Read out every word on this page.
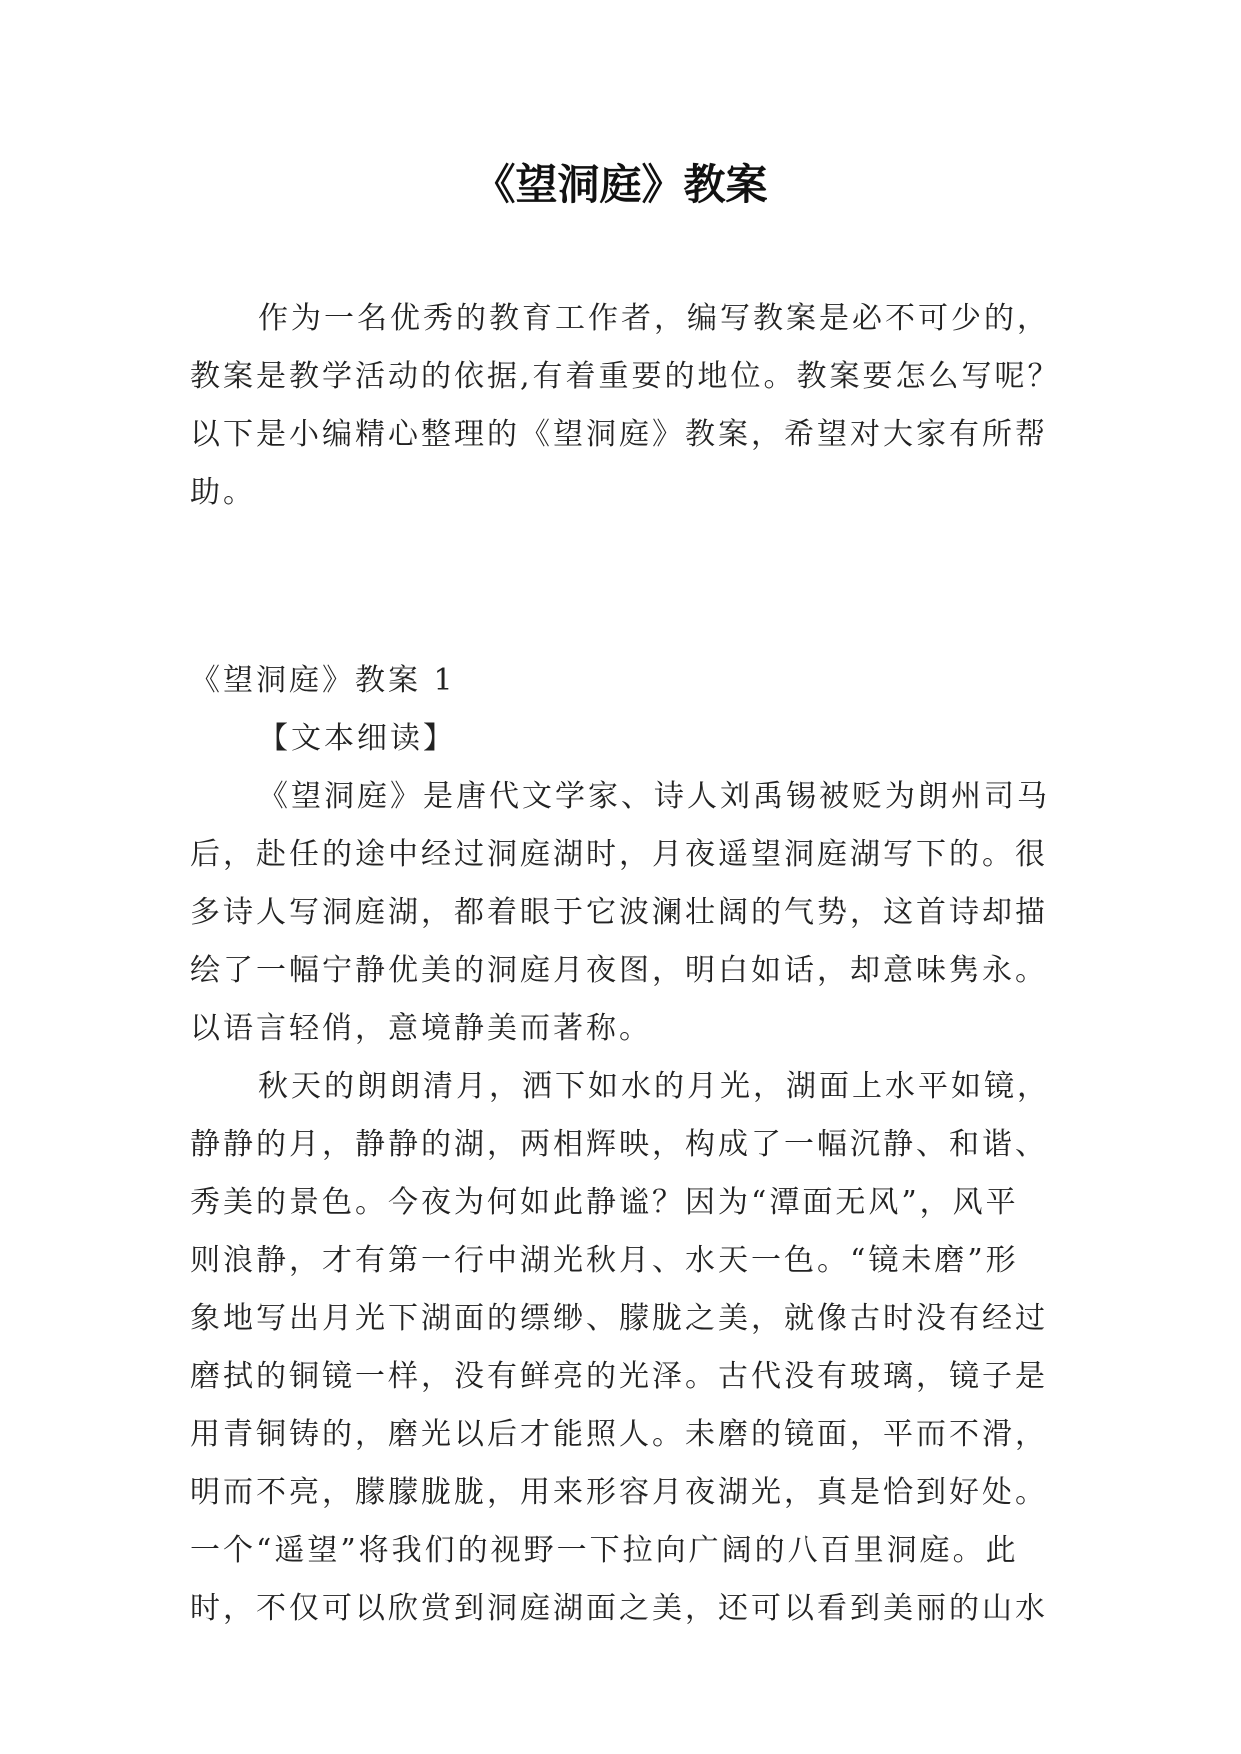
《望洞庭》教案
作为一名优秀的教育工作者，编写教案是必不可少的，
教案是教学活动的依据,有着重要的地位。教案要怎么写呢？
以下是小编精心整理的《望洞庭》教案，希望对大家有所帮
助。
《望洞庭》教案 1
【文本细读】
《望洞庭》是唐代文学家、诗人刘禹锡被贬为朗州司马
后，赴任的途中经过洞庭湖时，月夜遥望洞庭湖写下的。很
多诗人写洞庭湖，都着眼于它波澜壮阔的气势，这首诗却描
绘了一幅宁静优美的洞庭月夜图，明白如话，却意味隽永。
以语言轻俏，意境静美而著称。
秋天的朗朗清月，洒下如水的月光，湖面上水平如镜，
静静的月，静静的湖，两相辉映，构成了一幅沉静、和谐、
秀美的景色。今夜为何如此静谧？因为“潭面无风”，风平
则浪静，才有第一行中湖光秋月、水天一色。“镜未磨”形
象地写出月光下湖面的缥缈、朦胧之美，就像古时没有经过
磨拭的铜镜一样，没有鲜亮的光泽。古代没有玻璃，镜子是
用青铜铸的，磨光以后才能照人。未磨的镜面，平而不滑，
明而不亮，朦朦胧胧，用来形容月夜湖光，真是恰到好处。
一个“遥望”将我们的视野一下拉向广阔的八百里洞庭。此
时，不仅可以欣赏到洞庭湖面之美，还可以看到美丽的山水
